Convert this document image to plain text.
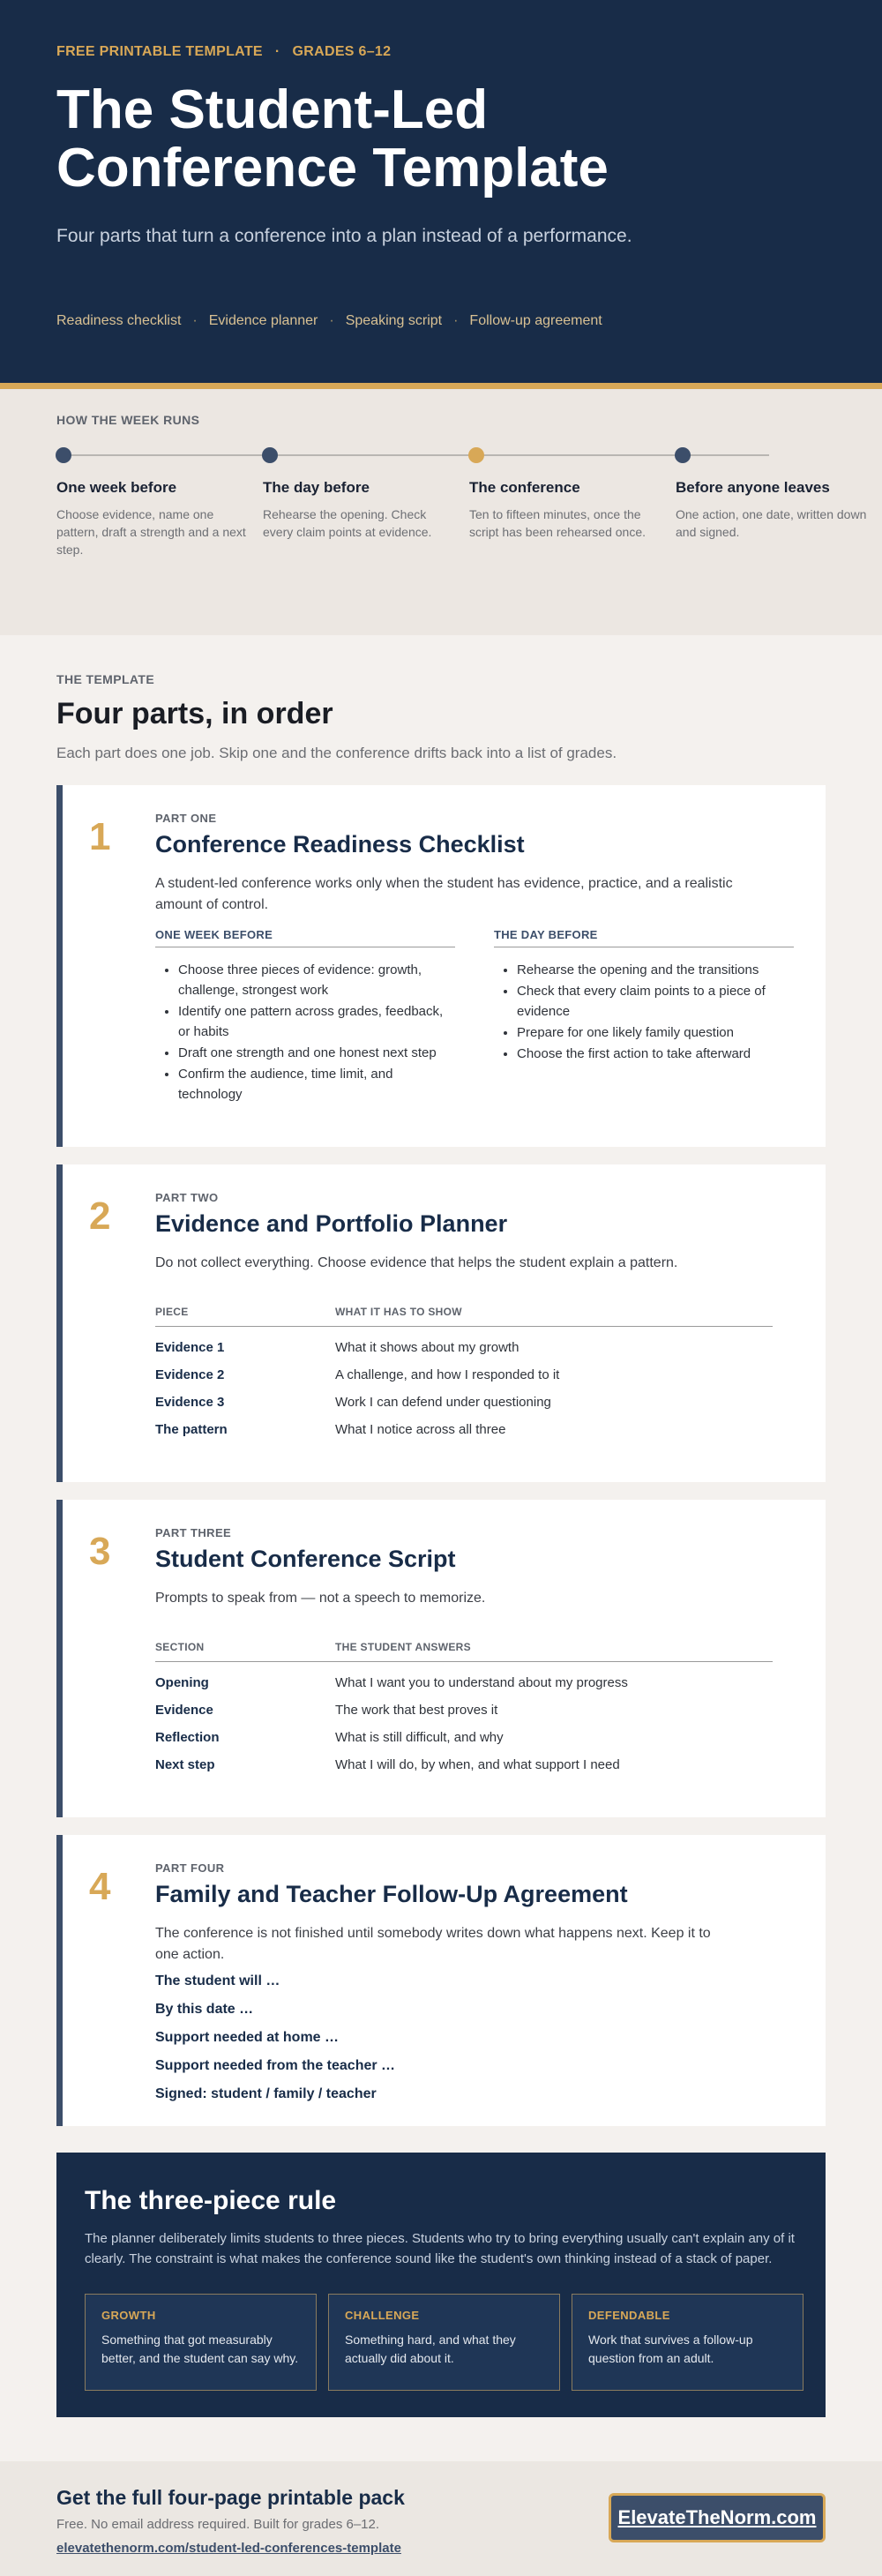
FREE PRINTABLE TEMPLATE · GRADES 6–12
The Student-Led Conference Template

Four parts that turn a conference into a plan instead of a performance.

Readiness checklist · Evidence planner · Speaking script · Follow-up agreement
HOW THE WEEK RUNS
One week before

Choose evidence, name one pattern, draft a strength and a next step.

The day before

Rehearse the opening. Check every claim points at evidence.

The conference

Ten to fifteen minutes, once the script has been rehearsed once.

Before anyone leaves

One action, one date, written down and signed.

THE TEMPLATE
Four parts, in order

Each part does one job. Skip one and the conference drifts back into a list of grades.

1	PART ONE
Conference Readiness Checklist

A student-led conference works only when the student has evidence, practice, and a realistic amount of control.

ONE WEEK BEFORE
• Choose three pieces of evidence: growth, challenge, strongest work
• Identify one pattern across grades, feedback, or habits
• Draft one strength and one honest next step
• Confirm the audience, time limit, and technology
THE DAY BEFORE
• Rehearse the opening and the transitions
• Check that every claim points to a piece of evidence
• Prepare for one likely family question
• Choose the first action to take afterward
2	PART TWO
Evidence and Portfolio Planner

Do not collect everything. Choose evidence that helps the student explain a pattern.

PIECE	WHAT IT HAS TO SHOW
Evidence 1	What it shows about my growth
Evidence 2	A challenge, and how I responded to it
Evidence 3	Work I can defend under questioning
The pattern	What I notice across all three
3	PART THREE
Student Conference Script

Prompts to speak from — not a speech to memorize.

SECTION	THE STUDENT ANSWERS
Opening	What I want you to understand about my progress
Evidence	The work that best proves it
Reflection	What is still difficult, and why
Next step	What I will do, by when, and what support I need
4	PART FOUR
Family and Teacher Follow-Up Agreement

The conference is not finished until somebody writes down what happens next. Keep it to one action.

The student will …
By this date …
Support needed at home …
Support needed from the teacher …
Signed: student / family / teacher
The three-piece rule

The planner deliberately limits students to three pieces. Students who try to bring everything usually can't explain any of it clearly. The constraint is what makes the conference sound like the student's own thinking instead of a stack of paper.

GROWTH

Something that got measurably better, and the student can say why.

CHALLENGE

Something hard, and what they actually did about it.

DEFENDABLE

Work that survives a follow-up question from an adult.

Get the full four-page printable pack

Free. No email address required. Built for grades 6–12.

elevatethenorm.com/student-led-conferences-template
ElevateTheNorm.com
